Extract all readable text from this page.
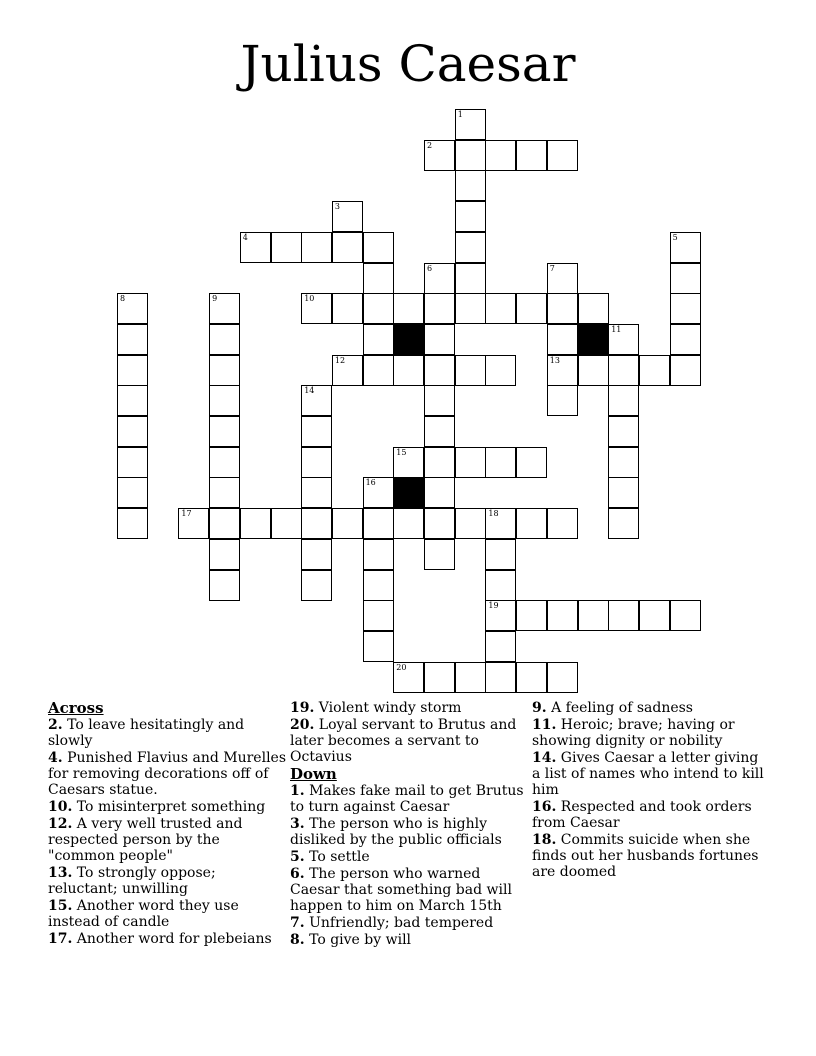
Julius Caesar
1
2
3
4	5
6	7
8	9	10
11
12	13
14
15
16
17	18
19
20
Across
2. To leave hesitatingly and slowly
4. Punished Flavius and Murelles for removing decorations off of Caesars statue.
10. To misinterpret something
12. A very well trusted and respected person by the "common people"
13. To strongly oppose; reluctant; unwilling
15. Another word they use instead of candle
17. Another word for plebeians
19. Violent windy storm
20. Loyal servant to Brutus and later becomes a servant to Octavius
Down
1. Makes fake mail to get Brutus to turn against Caesar
3. The person who is highly disliked by the public officials
5. To settle
6. The person who warned Caesar that something bad will happen to him on March 15th
7. Unfriendly; bad tempered
8. To give by will
9. A feeling of sadness
11. Heroic; brave; having or showing dignity or nobility
14. Gives Caesar a letter giving a list of names who intend to kill him
16. Respected and took orders from Caesar
18. Commits suicide when she finds out her husbands fortunes are doomed
